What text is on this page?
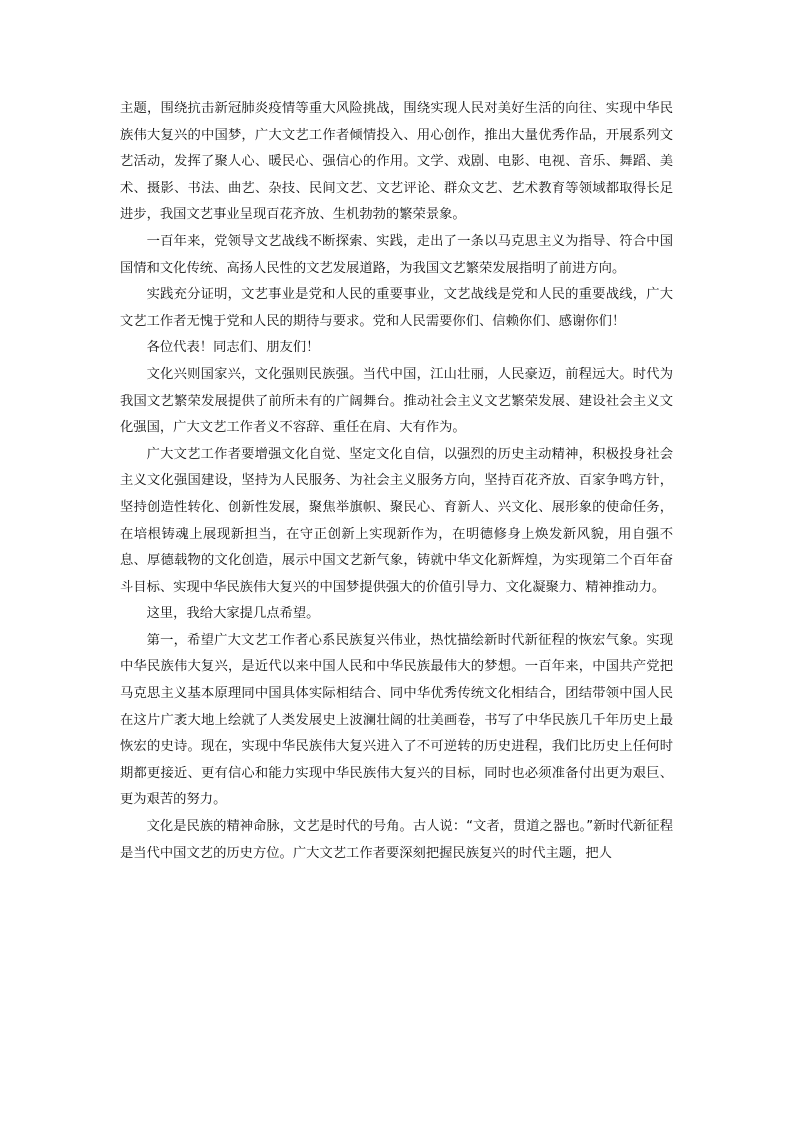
主题，围绕抗击新冠肺炎疫情等重大风险挑战，围绕实现人民对美好生活的向往、实现中华民族伟大复兴的中国梦，广大文艺工作者倾情投入、用心创作，推出大量优秀作品，开展系列文艺活动，发挥了聚人心、暖民心、强信心的作用。文学、戏剧、电影、电视、音乐、舞蹈、美术、摄影、书法、曲艺、杂技、民间文艺、文艺评论、群众文艺、艺术教育等领域都取得长足进步，我国文艺事业呈现百花齐放、生机勃勃的繁荣景象。

一百年来，党领导文艺战线不断探索、实践，走出了一条以马克思主义为指导、符合中国国情和文化传统、高扬人民性的文艺发展道路，为我国文艺繁荣发展指明了前进方向。

实践充分证明，文艺事业是党和人民的重要事业，文艺战线是党和人民的重要战线，广大文艺工作者无愧于党和人民的期待与要求。党和人民需要你们、信赖你们、感谢你们！

各位代表！同志们、朋友们！

文化兴则国家兴，文化强则民族强。当代中国，江山壮丽，人民豪迈，前程远大。时代为我国文艺繁荣发展提供了前所未有的广阔舞台。推动社会主义文艺繁荣发展、建设社会主义文化强国，广大文艺工作者义不容辞、重任在肩、大有作为。

广大文艺工作者要增强文化自觉、坚定文化自信，以强烈的历史主动精神，积极投身社会主义文化强国建设，坚持为人民服务、为社会主义服务方向，坚持百花齐放、百家争鸣方针，坚持创造性转化、创新性发展，聚焦举旗帜、聚民心、育新人、兴文化、展形象的使命任务，在培根铸魂上展现新担当，在守正创新上实现新作为，在明德修身上焕发新风貌，用自强不息、厚德载物的文化创造，展示中国文艺新气象，铸就中华文化新辉煌，为实现第二个百年奋斗目标、实现中华民族伟大复兴的中国梦提供强大的价值引导力、文化凝聚力、精神推动力。

这里，我给大家提几点希望。

第一，希望广大文艺工作者心系民族复兴伟业，热忱描绘新时代新征程的恢宏气象。实现中华民族伟大复兴，是近代以来中国人民和中华民族最伟大的梦想。一百年来，中国共产党把马克思主义基本原理同中国具体实际相结合、同中华优秀传统文化相结合，团结带领中国人民在这片广袤大地上绘就了人类发展史上波澜壮阔的壮美画卷，书写了中华民族几千年历史上最恢宏的史诗。现在，实现中华民族伟大复兴进入了不可逆转的历史进程，我们比历史上任何时期都更接近、更有信心和能力实现中华民族伟大复兴的目标，同时也必须准备付出更为艰巨、更为艰苦的努力。

文化是民族的精神命脉，文艺是时代的号角。古人说：“文者，贯道之器也。”新时代新征程是当代中国文艺的历史方位。广大文艺工作者要深刻把握民族复兴的时代主题，把人
